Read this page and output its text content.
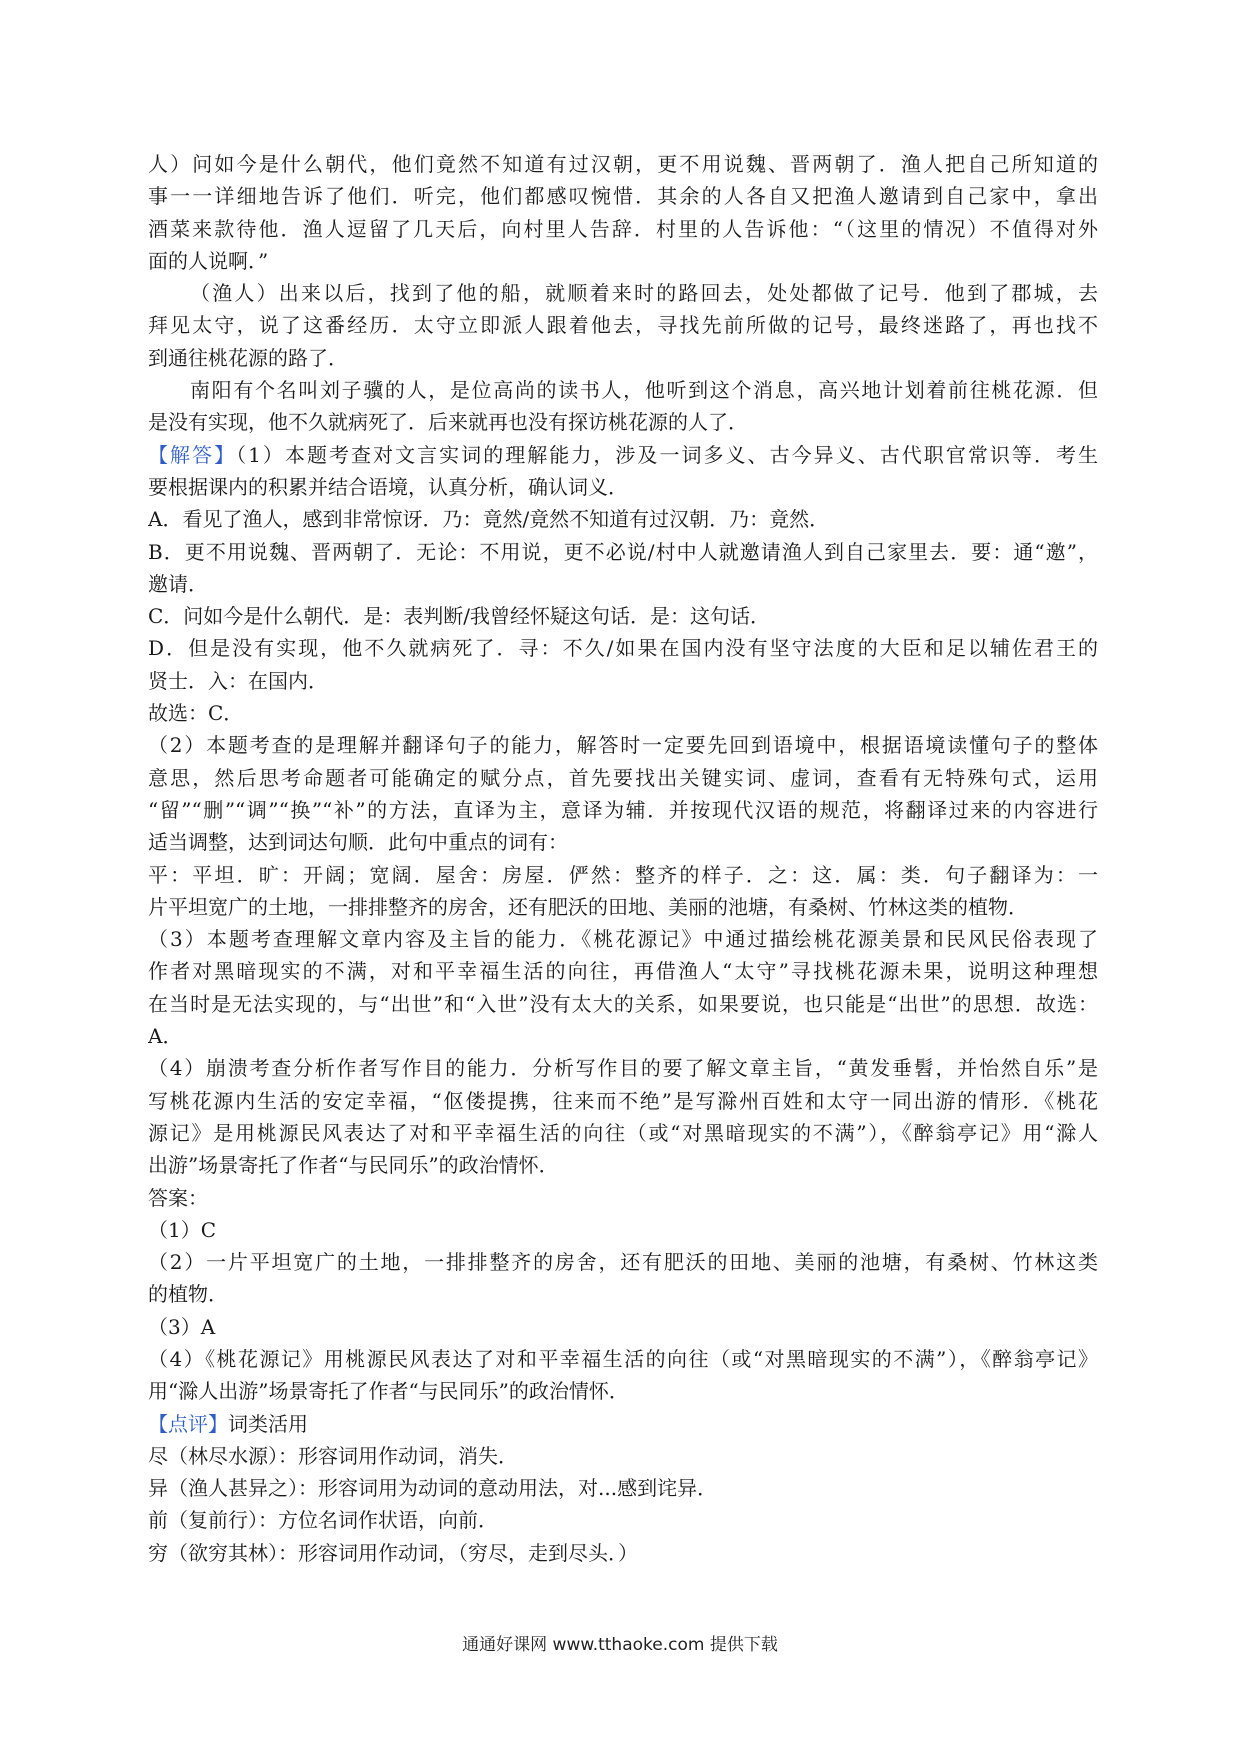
人）问如今是什么朝代，他们竟然不知道有过汉朝，更不用说魏、晋两朝了．渔人把自己所知道的
事一一详细地告诉了他们．听完，他们都感叹惋惜．其余的人各自又把渔人邀请到自己家中，拿出
酒菜来款待他．渔人逗留了几天后，向村里人告辞．村里的人告诉他：“（这里的情况）不值得对外
面的人说啊．”
（渔人）出来以后，找到了他的船，就顺着来时的路回去，处处都做了记号．他到了郡城，去
拜见太守，说了这番经历．太守立即派人跟着他去，寻找先前所做的记号，最终迷路了，再也找不
到通往桃花源的路了．
南阳有个名叫刘子骥的人，是位高尚的读书人，他听到这个消息，高兴地计划着前往桃花源．但
是没有实现，他不久就病死了．后来就再也没有探访桃花源的人了．
【解答】（1）本题考查对文言实词的理解能力，涉及一词多义、古今异义、古代职官常识等．考生
要根据课内的积累并结合语境，认真分析，确认词义．
A．看见了渔人，感到非常惊讶．乃：竟然/竟然不知道有过汉朝．乃：竟然．
B．更不用说魏、晋两朝了．无论：不用说，更不必说/村中人就邀请渔人到自己家里去．要：通“邀”，
邀请．
C．问如今是什么朝代．是：表判断/我曾经怀疑这句话．是：这句话．
D．但是没有实现，他不久就病死了．寻：不久/如果在国内没有坚守法度的大臣和足以辅佐君王的
贤士．入：在国内．
故选：C．
（2）本题考查的是理解并翻译句子的能力，解答时一定要先回到语境中，根据语境读懂句子的整体
意思，然后思考命题者可能确定的赋分点，首先要找出关键实词、虚词，查看有无特殊句式，运用
“留”“删”“调”“换”“补”的方法，直译为主，意译为辅．并按现代汉语的规范，将翻译过来的内容进行
适当调整，达到词达句顺．此句中重点的词有：
平：平坦．旷：开阔；宽阔．屋舍：房屋．俨然：整齐的样子．之：这．属：类．句子翻译为：一
片平坦宽广的土地，一排排整齐的房舍，还有肥沃的田地、美丽的池塘，有桑树、竹林这类的植物．
（3）本题考查理解文章内容及主旨的能力．《桃花源记》中通过描绘桃花源美景和民风民俗表现了
作者对黑暗现实的不满，对和平幸福生活的向往，再借渔人“太守”寻找桃花源未果，说明这种理想
在当时是无法实现的，与“出世”和“入世”没有太大的关系，如果要说，也只能是“出世”的思想．故选：
A．
（4）崩溃考查分析作者写作目的能力．分析写作目的要了解文章主旨，“黄发垂髫，并怡然自乐”是
写桃花源内生活的安定幸福，“伛偻提携，往来而不绝”是写滁州百姓和太守一同出游的情形．《桃花
源记》是用桃源民风表达了对和平幸福生活的向往（或“对黑暗现实的不满”），《醉翁亭记》用“滁人
出游”场景寄托了作者“与民同乐”的政治情怀．
答案：
（1）C
（2）一片平坦宽广的土地，一排排整齐的房舍，还有肥沃的田地、美丽的池塘，有桑树、竹林这类
的植物．
（3）A
（4）《桃花源记》用桃源民风表达了对和平幸福生活的向往（或“对黑暗现实的不满”），《醉翁亭记》
用“滁人出游”场景寄托了作者“与民同乐”的政治情怀．
【点评】词类活用
尽（林尽水源）：形容词用作动词，消失．
异（渔人甚异之）：形容词用为动词的意动用法，对...感到诧异．
前（复前行）：方位名词作状语，向前．
穷（欲穷其林）：形容词用作动词，（穷尽，走到尽头．）
通通好课网 www.tthaoke.com 提供下载
